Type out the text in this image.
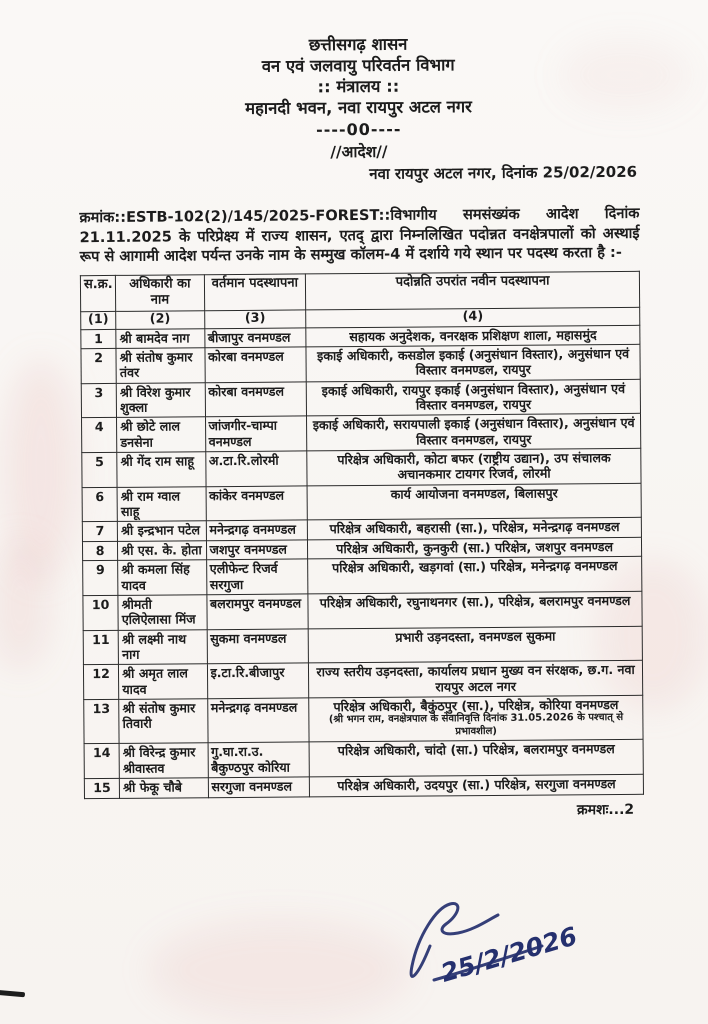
छत्तीसगढ़ शासन
वन एवं जलवायु परिवर्तन विभाग
:: मंत्रालय ::
महानदी भवन, नवा रायपुर अटल नगर
----00----
//आदेश//
नवा रायपुर अटल नगर, दिनांक 25/02/2026
क्रमांक::ESTB-102(2)/145/2025-FOREST::विभागीय समसंख्यंक आदेश दिनांक 21.11.2025 के परिप्रेक्ष्य में राज्य शासन, एतद् द्वारा निम्नलिखित पदोन्नत वनक्षेत्रपालों को अस्थाई रूप से आगामी आदेश पर्यन्त उनके नाम के सम्मुख कॉलम-4 में दर्शाये गये स्थान पर पदस्थ करता है :-
स.क्र.	अधिकारी का नाम	वर्तमान पदस्थापना	पदोन्नति उपरांत नवीन पदस्थापना
(1)	(2)	(3)	(4)
1	श्री बामदेव नाग	बीजापुर वनमण्डल	सहायक अनुदेशक, वनरक्षक प्रशिक्षण शाला, महासमुंद
2	श्री संतोष कुमार तंवर	कोरबा वनमण्डल	इकाई अधिकारी, कसडोल इकाई (अनुसंधान विस्तार), अनुसंधान एवं विस्तार वनमण्डल, रायपुर
3	श्री विरेश कुमार शुक्ला	कोरबा वनमण्डल	इकाई अधिकारी, रायपुर इकाई (अनुसंधान विस्तार), अनुसंधान एवं विस्तार वनमण्डल, रायपुर
4	श्री छोटे लाल डनसेना	जांजगीर-चाम्पा वनमण्डल	इकाई अधिकारी, सरायपाली इकाई (अनुसंधान विस्तार), अनुसंधान एवं विस्तार वनमण्डल, रायपुर
5	श्री गेंद राम साहू	अ.टा.रि.लोरमी	परिक्षेत्र अधिकारी, कोटा बफर (राष्ट्रीय उद्यान), उप संचालक अचानकमार टायगर रिजर्व, लोरमी
6	श्री राम ग्वाल साहू	कांकेर वनमण्डल	कार्य आयोजना वनमण्डल, बिलासपुर
7	श्री इन्द्रभान पटेल	मनेन्द्रगढ़ वनमण्डल	परिक्षेत्र अधिकारी, बहरासी (सा.), परिक्षेत्र, मनेन्द्रगढ़ वनमण्डल
8	श्री एस. के. होता	जशपुर वनमण्डल	परिक्षेत्र अधिकारी, कुनकुरी (सा.) परिक्षेत्र, जशपुर वनमण्डल
9	श्री कमला सिंह यादव	एलीफेन्ट रिजर्व सरगुजा	परिक्षेत्र अधिकारी, खड़गवां (सा.) परिक्षेत्र, मनेन्द्रगढ़ वनमण्डल
10	श्रीमती एलिऐलासा मिंज	बलरामपुर वनमण्डल	परिक्षेत्र अधिकारी, रघुनाथनगर (सा.), परिक्षेत्र, बलरामपुर वनमण्डल
11	श्री लक्ष्मी नाथ नाग	सुकमा वनमण्डल	प्रभारी उड़नदस्ता, वनमण्डल सुकमा
12	श्री अमृत लाल यादव	इ.टा.रि.बीजापुर	राज्य स्तरीय उड़नदस्ता, कार्यालय प्रधान मुख्य वन संरक्षक, छ.ग. नवा रायपुर अटल नगर
13	श्री संतोष कुमार तिवारी	मनेन्द्रगढ़ वनमण्डल	परिक्षेत्र अधिकारी, बैकुंठपुर (सा.), परिक्षेत्र, कोरिया वनमण्डल
(श्री भगन राम, वनक्षेत्रपाल के सेवानिवृत्ति दिनांक 31.05.2026 के पश्चात् से प्रभावशील)

14	श्री विरेन्द्र कुमार श्रीवास्तव	गु.घा.रा.उ. बैकुण्ठपुर कोरिया	परिक्षेत्र अधिकारी, चांदो (सा.) परिक्षेत्र, बलरामपुर वनमण्डल
15	श्री फेकू चौबे	सरगुजा वनमण्डल	परिक्षेत्र अधिकारी, उदयपुर (सा.) परिक्षेत्र, सरगुजा वनमण्डल
क्रमशः...2
25/2/2026
